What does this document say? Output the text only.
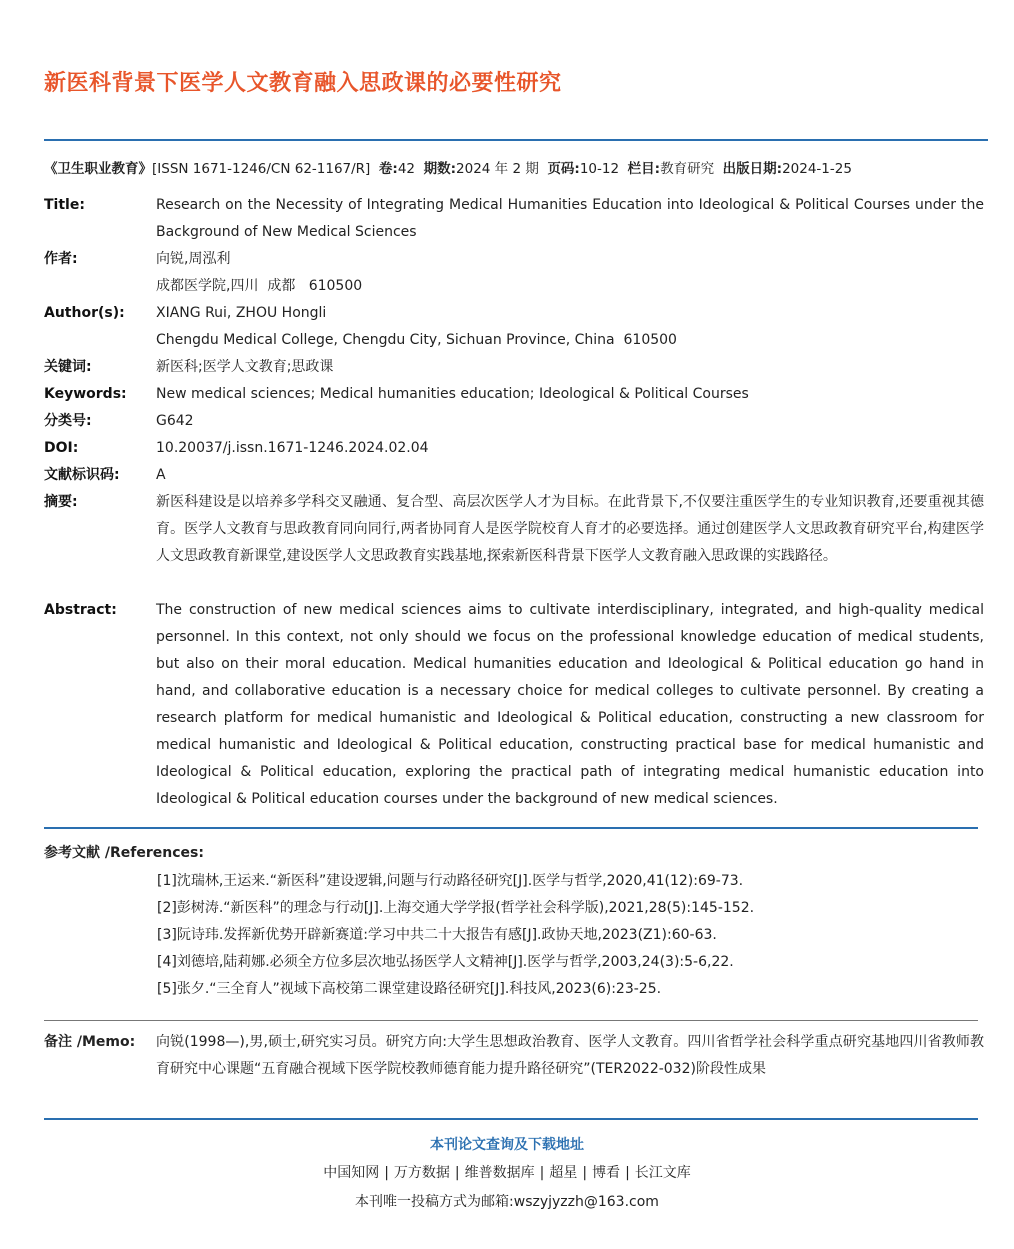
新医科背景下医学人文教育融入思政课的必要性研究
《卫生职业教育》[ISSN 1671-1246/CN 62-1167/R] 卷:42 期数:2024 年 2 期 页码:10-12 栏目:教育研究 出版日期:2024-1-25
Title:	Research on the Necessity of Integrating Medical Humanities Education into Ideological & Political Courses under the Background of New Medical Sciences
作者:	向锐,周泓利
成都医学院,四川  成都   610500
Author(s): XIANG Rui, ZHOU Hongli
Chengdu Medical College, Chengdu City, Sichuan Province, China  610500
关键词:	新医科;医学人文教育;思政课
Keywords: New medical sciences; Medical humanities education; Ideological & Political Courses
分类号:	G642
DOI:	10.20037/j.issn.1671-1246.2024.02.04
文献标识码:	A
摘要:	新医科建设是以培养多学科交叉融通、复合型、高层次医学人才为目标。在此背景下,不仅要注重医学生的专业知识教育,还要重视其德育。医学人文教育与思政教育同向同行,两者协同育人是医学院校育人育才的必要选择。通过创建医学人文思政教育研究平台,构建医学人文思政教育新课堂,建设医学人文思政教育实践基地,探索新医科背景下医学人文教育融入思政课的实践路径。
Abstract:	The construction of new medical sciences aims to cultivate interdisciplinary, integrated, and high-quality medical personnel. In this context, not only should we focus on the professional knowledge education of medical students, but also on their moral education. Medical humanities education and Ideological & Political education go hand in hand, and collaborative education is a necessary choice for medical colleges to cultivate personnel. By creating a research platform for medical humanistic and Ideological & Political education, constructing a new classroom for medical humanistic and Ideological & Political education, constructing practical base for medical humanistic and Ideological & Political education, exploring the practical path of integrating medical humanistic education into Ideological & Political education courses under the background of new medical sciences.
参考文献 /References:
[1]沈瑞林,王运来.“新医科”建设逻辑,问题与行动路径研究[J].医学与哲学,2020,41(12):69-73.
[2]彭树涛.“新医科”的理念与行动[J].上海交通大学学报(哲学社会科学版),2021,28(5):145-152.
[3]阮诗玮.发挥新优势开辟新赛道:学习中共二十大报告有感[J].政协天地,2023(Z1):60-63.
[4]刘德培,陆莉娜.必须全方位多层次地弘扬医学人文精神[J].医学与哲学,2003,24(3):5-6,22.
[5]张夕.“三全育人”视域下高校第二课堂建设路径研究[J].科技风,2023(6):23-25.
备注 /Memo: 向锐(1998—),男,硕士,研究实习员。研究方向:大学生思想政治教育、医学人文教育。四川省哲学社会科学重点研究基地四川省教师教育研究中心课题“五育融合视域下医学院校教师德育能力提升路径研究”(TER2022-032)阶段性成果
本刊论文查询及下载地址
中国知网 | 万方数据 | 维普数据库 | 超星 | 博看 | 长江文库
本刊唯一投稿方式为邮箱:wszyjyzzh@163.com
